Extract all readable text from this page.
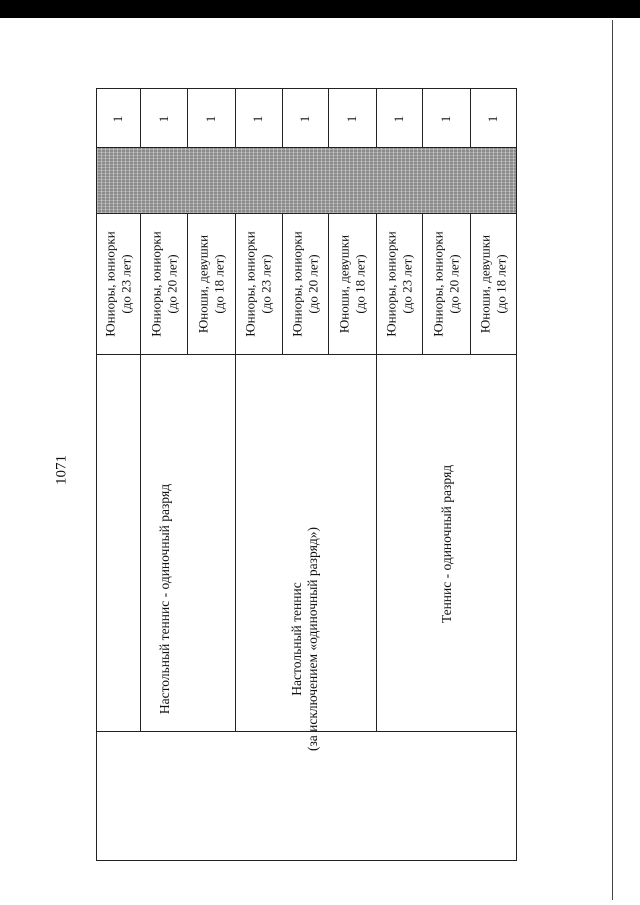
1071
1 1 1 1 1 1 1 1 1
Юниоры, юниорки (до 23 лет) Юниоры, юниорки (до 20 лет) Юноши, девушки (до 18 лет) Юниоры, юниорки (до 23 лет) Юниоры, юниорки (до 20 лет) Юноши, девушки (до 18 лет) Юниоры, юниорки (до 23 лет) Юниоры, юниорки (до 20 лет) Юноши, девушки (до 18 лет)
Настольный теннис - одиночный разряд	Настольный теннис (за исключением «одиночный разряд»)	Теннис - одиночный разряд
